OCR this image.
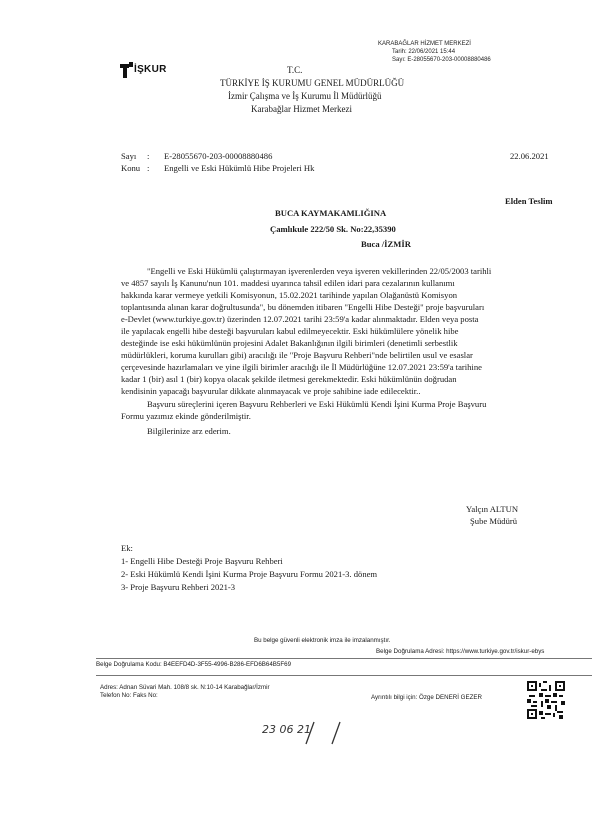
KARABAĞLAR HİZMET MERKEZİ
Tarih: 22/06/2021 15:44
Sayı: E-28055670-203-00008880486
İŞKUR	T.C.
TÜRKİYE İŞ KURUMU GENEL MÜDÜRLÜĞÜ
İzmir Çalışma ve İş Kurumu İl Müdürlüğü
Karabağlar Hizmet Merkezi
Sayı : E-28055670-203-00008880486	22.06.2021
Konu : Engelli ve Eski Hükümlü Hibe Projeleri Hk
Elden Teslim
BUCA KAYMAKAMLIĞINA
Çamlıkule 222/50 Sk. No:22,35390
Buca /İZMİR
"Engelli ve Eski Hükümlü çalıştırmayan işverenlerden veya işveren vekillerinden 22/05/2003 tarihli
ve 4857 sayılı İş Kanunu'nun 101. maddesi uyarınca tahsil edilen idari para cezalarının kullanımı
hakkında karar vermeye yetkili Komisyonun, 15.02.2021 tarihinde yapılan Olağanüstü Komisyon
toplantısında alınan karar doğrultusunda", bu dönemden itibaren "Engelli Hibe Desteği" proje başvuruları
e-Devlet (www.turkiye.gov.tr) üzerinden 12.07.2021 tarihi 23:59'a kadar alınmaktadır. Elden veya posta
ile yapılacak engelli hibe desteği başvuruları kabul edilmeyecektir. Eski hükümlülere yönelik hibe
desteğinde ise eski hükümlünün projesini Adalet Bakanlığının ilgili birimleri (denetimli serbestlik
müdürlükleri, koruma kurulları gibi) aracılığı ile "Proje Başvuru Rehberi"nde belirtilen usul ve esaslar
çerçevesinde hazırlamaları ve yine ilgili birimler aracılığı ile İl Müdürlüğüne 12.07.2021 23:59'a tarihine
kadar 1 (bir) asıl 1 (bir) kopya olacak şekilde iletmesi gerekmektedir. Eski hükümlünün doğrudan
kendisinin yapacağı başvurular dikkate alınmayacak ve proje sahibine iade edilecektir..
Başvuru süreçlerini içeren Başvuru Rehberleri ve Eski Hükümlü Kendi İşini Kurma Proje Başvuru
Formu yazımız ekinde gönderilmiştir.
Bilgilerinize arz ederim.
Yalçın ALTUN
Şube Müdürü
Ek:
1- Engelli Hibe Desteği Proje Başvuru Rehberi
2- Eski Hükümlü Kendi İşini Kurma Proje Başvuru Formu 2021-3. dönem
3- Proje Başvuru Rehberi 2021-3
Bu belge güvenli elektronik imza ile imzalanmıştır.
Belge Doğrulama Adresi: https://www.turkiye.gov.tr/iskur-ebys
Belge Doğrulama Kodu: B4EEFD4D-3F55-4996-B286-EFD6B64B5F69
Adres: Adnan Süvari Mah. 108/8 sk. N:10-14 Karabağlar/İzmir
Telefon No: Faks No:	Ayrıntılı bilgi için: Özge DENERİ GEZER
23 06 21
